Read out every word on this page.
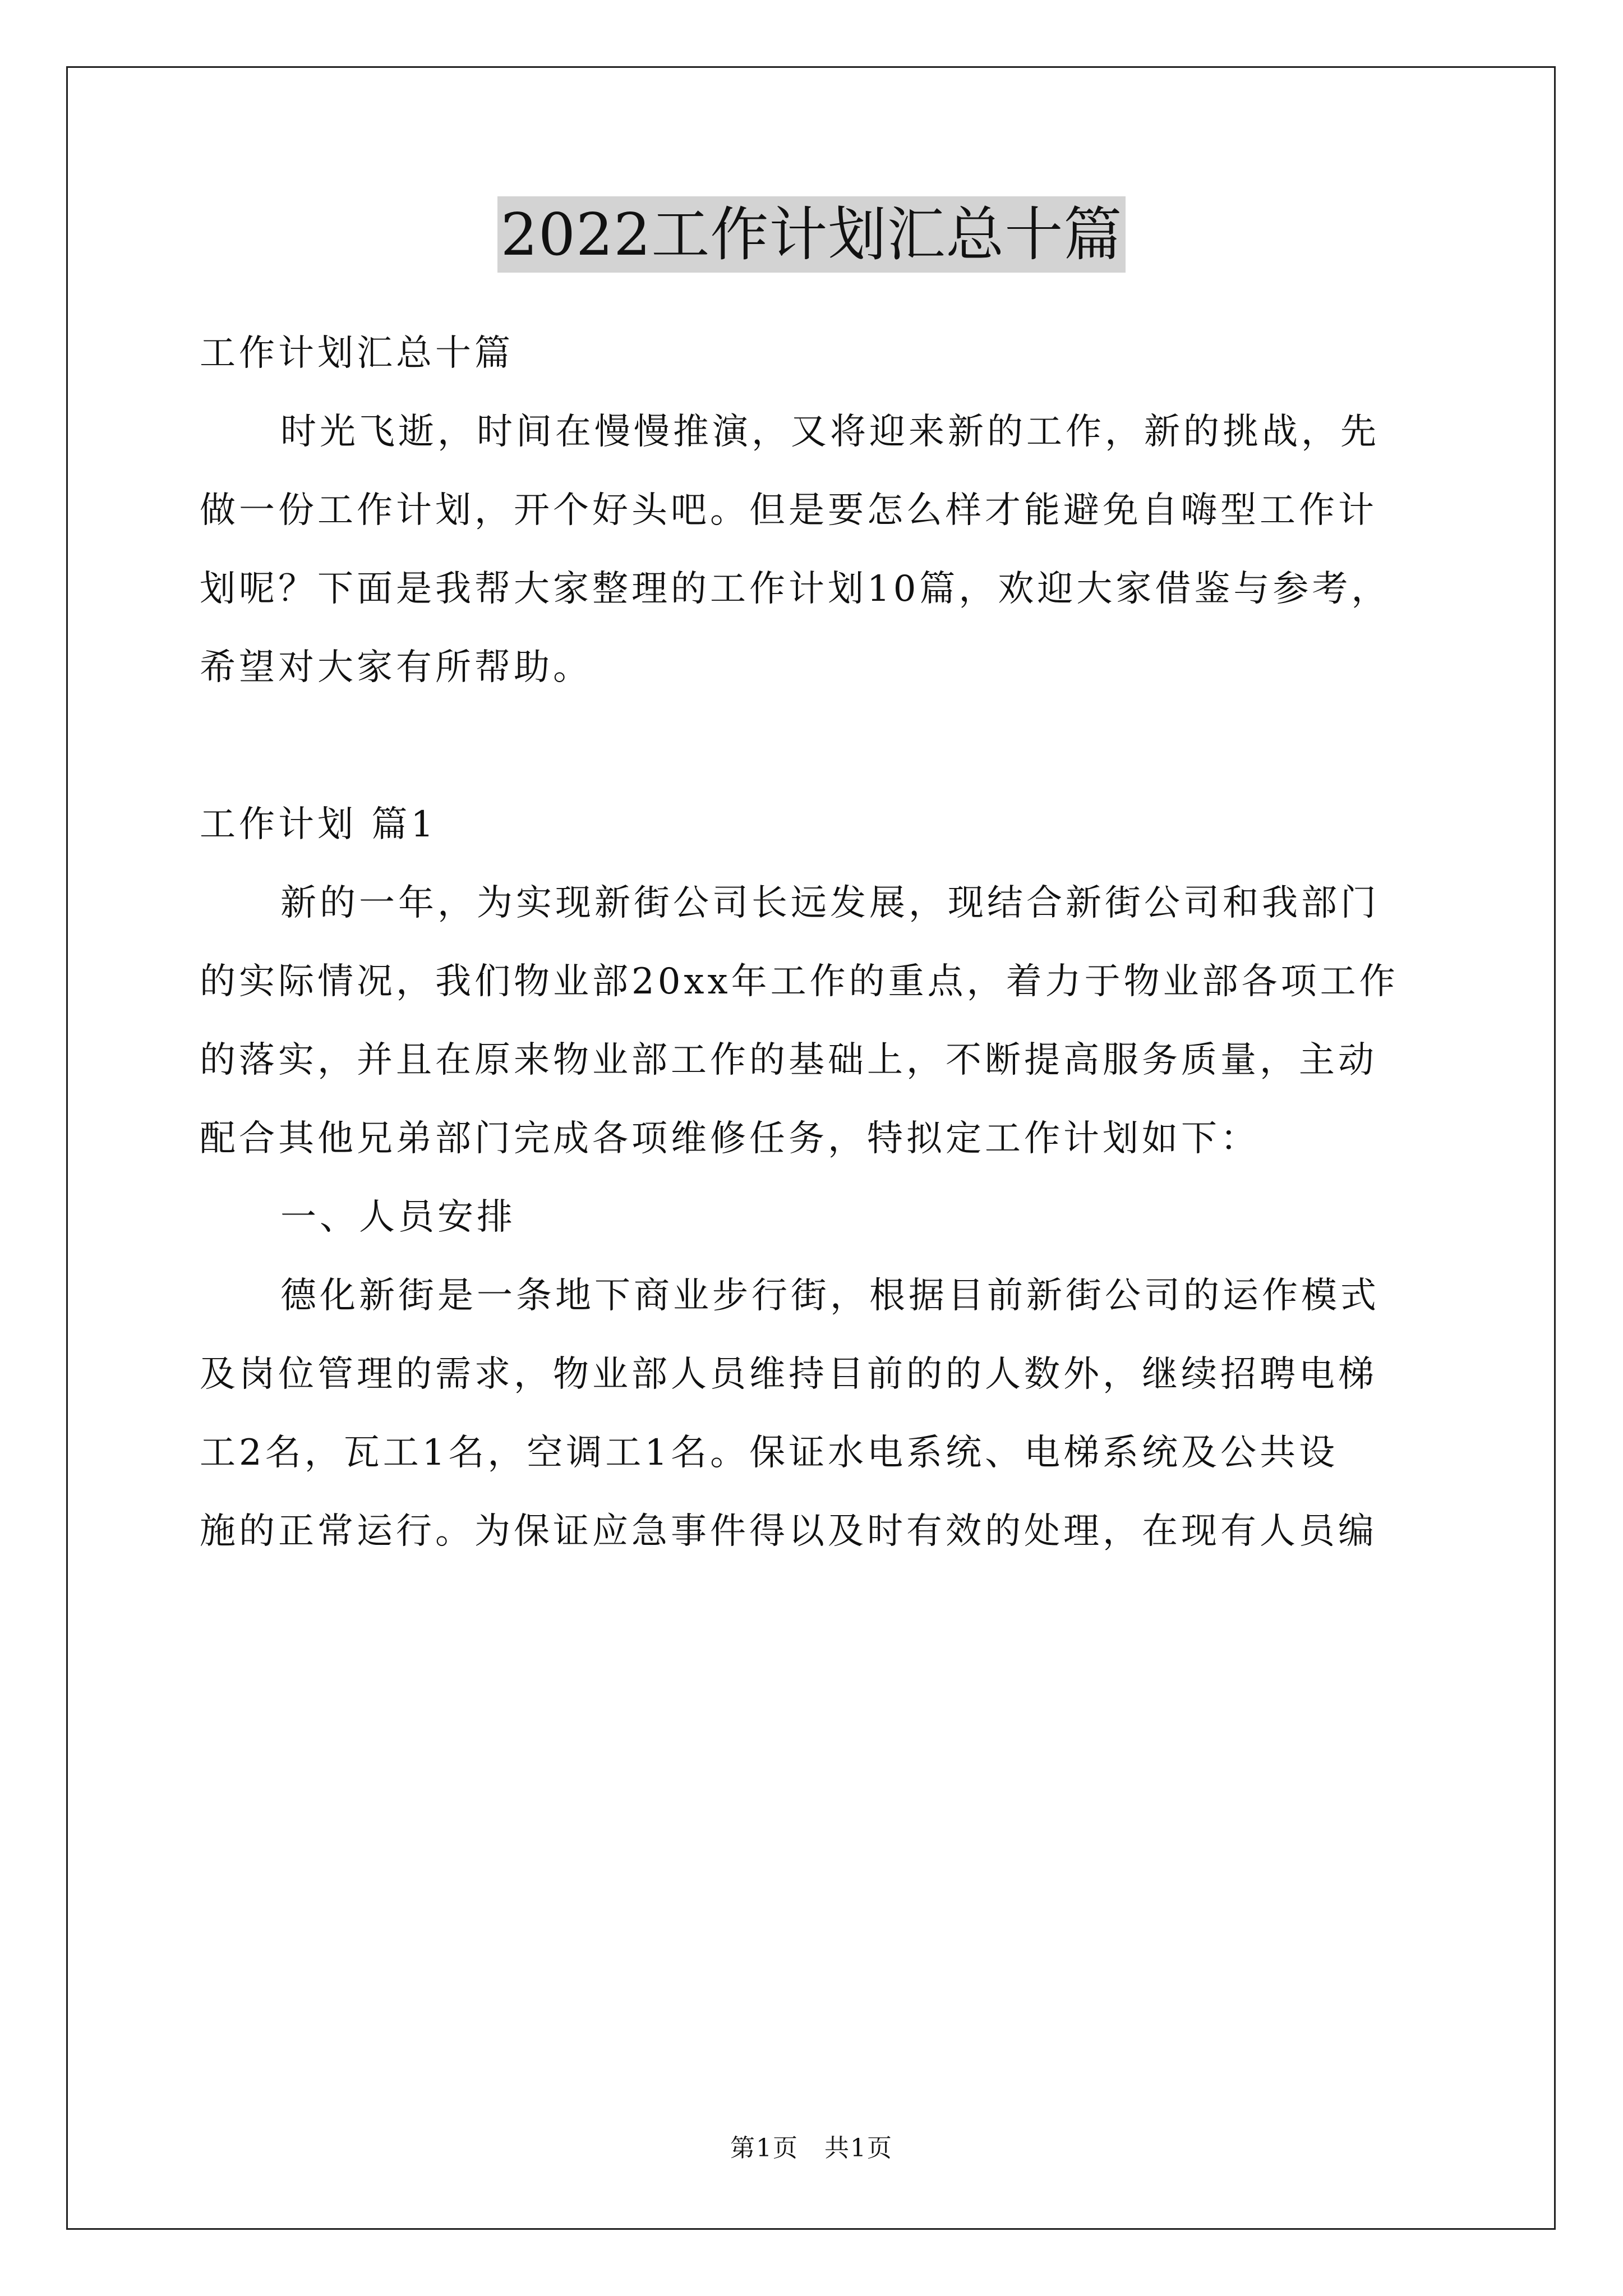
2022工作计划汇总十篇
工作计划汇总十篇
时光飞逝，时间在慢慢推演，又将迎来新的工作，新的挑战，先
做一份工作计划，开个好头吧。但是要怎么样才能避免自嗨型工作计
划呢？下面是我帮大家整理的工作计划10篇，欢迎大家借鉴与参考，
希望对大家有所帮助。
工作计划 篇1
新的一年，为实现新街公司长远发展，现结合新街公司和我部门
的实际情况，我们物业部20xx年工作的重点，着力于物业部各项工作
的落实，并且在原来物业部工作的基础上，不断提高服务质量，主动
配合其他兄弟部门完成各项维修任务，特拟定工作计划如下：
一、人员安排
德化新街是一条地下商业步行街，根据目前新街公司的运作模式
及岗位管理的需求，物业部人员维持目前的的人数外，继续招聘电梯
工2名，瓦工1名，空调工1名。保证水电系统、电梯系统及公共设
施的正常运行。为保证应急事件得以及时有效的处理，在现有人员编
第1页　共1页
